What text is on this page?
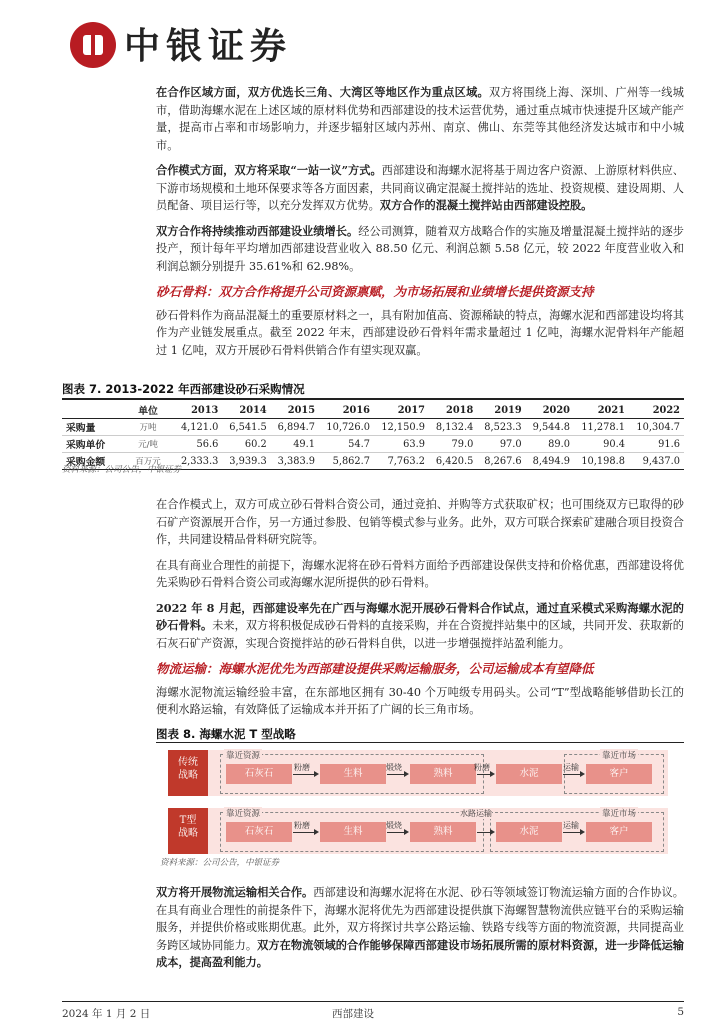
中银证券

在合作区域方面，双方优选长三角、大湾区等地区作为重点区域。双方将围绕上海、深圳、广州等一线城市，借助海螺水泥在上述区域的原材料优势和西部建设的技术运营优势，通过重点城市快速提升区域产能产量，提高市占率和市场影响力，并逐步辐射区域内苏州、南京、佛山、东莞等其他经济发达城市和中小城市。

合作模式方面，双方将采取“一站一议”方式。西部建设和海螺水泥将基于周边客户资源、上游原材料供应、下游市场规模和土地环保要求等各方面因素，共同商议确定混凝土搅拌站的选址、投资规模、建设周期、人员配备、项目运行等，以充分发挥双方优势。双方合作的混凝土搅拌站由西部建设控股。

双方合作将持续推动西部建设业绩增长。经公司测算，随着双方战略合作的实施及增量混凝土搅拌站的逐步投产，预计每年平均增加西部建设营业收入 88.50 亿元、利润总额 5.58 亿元，较 2022 年度营业收入和利润总额分别提升 35.61%和 62.98%。

砂石骨料：双方合作将提升公司资源禀赋，为市场拓展和业绩增长提供资源支持

砂石骨料作为商品混凝土的重要原材料之一，具有附加值高、资源稀缺的特点，海螺水泥和西部建设均将其作为产业链发展重点。截至 2022 年末，西部建设砂石骨料年需求量超过 1 亿吨，海螺水泥骨料年产能超过 1 亿吨，双方开展砂石骨料供销合作有望实现双赢。

图表 7. 2013-2022 年西部建设砂石采购情况
	单位	2013	2014	2015	2016	2017	2018	2019	2020	2021	2022
采购量	万吨	4,121.0	6,541.5	6,894.7	10,726.0	12,150.9	8,132.4	8,523.3	9,544.8	11,278.1	10,304.7
采购单价	元/吨	56.6	60.2	49.1	54.7	63.9	79.0	97.0	89.0	90.4	91.6
采购金额	百万元	2,333.3	3,939.3	3,383.9	5,862.7	7,763.2	6,420.5	8,267.6	8,494.9	10,198.8	9,437.0
资料来源：公司公告，中银证券

在合作模式上，双方可成立砂石骨料合资公司，通过竞拍、并购等方式获取矿权；也可围绕双方已取得的砂石矿产资源展开合作，另一方通过参股、包销等模式参与业务。此外，双方可联合探索矿建融合项目投资合作，共同建设精品骨料研究院等。

在具有商业合理性的前提下，海螺水泥将在砂石骨料方面给予西部建设保供支持和价格优惠，西部建设将优先采购砂石骨料合资公司或海螺水泥所提供的砂石骨料。

2022 年 8 月起，西部建设率先在广西与海螺水泥开展砂石骨料合作试点，通过直采模式采购海螺水泥的砂石骨料。未来，双方将积极促成砂石骨料的直接采购，并在合资搅拌站集中的区域，共同开发、获取新的石灰石矿产资源，实现合资搅拌站的砂石骨料自供，以进一步增强搅拌站盈利能力。

物流运输：海螺水泥优先为西部建设提供采购运输服务，公司运输成本有望降低

海螺水泥物流运输经验丰富，在东部地区拥有 30-40 个万吨级专用码头。公司“T”型战略能够借助长江的便利水路运输，有效降低了运输成本并开拓了广阔的长三角市场。

图表 8. 海螺水泥 T 型战略
传统
战略
靠近资源	靠近市场
石灰石	生料	熟料	水泥	客户
粉磨	煅烧	粉磨	运输
T型
战略
靠近资源	靠近市场
石灰石	生料	熟料	水泥	客户
粉磨	煅烧
水路运输
运输
资料来源：公司公告，中银证券

双方将开展物流运输相关合作。西部建设和海螺水泥将在水泥、砂石等领域签订物流运输方面的合作协议。在具有商业合理性的前提条件下，海螺水泥将优先为西部建设提供旗下海螺智慧物流供应链平台的采购运输服务，并提供价格或账期优惠。此外，双方将探讨共享公路运输、铁路专线等方面的物流资源，共同提高业务跨区域协同能力。双方在物流领域的合作能够保障西部建设市场拓展所需的原材料资源，进一步降低运输成本，提高盈利能力。

2024 年 1 月 2 日	西部建设	5
